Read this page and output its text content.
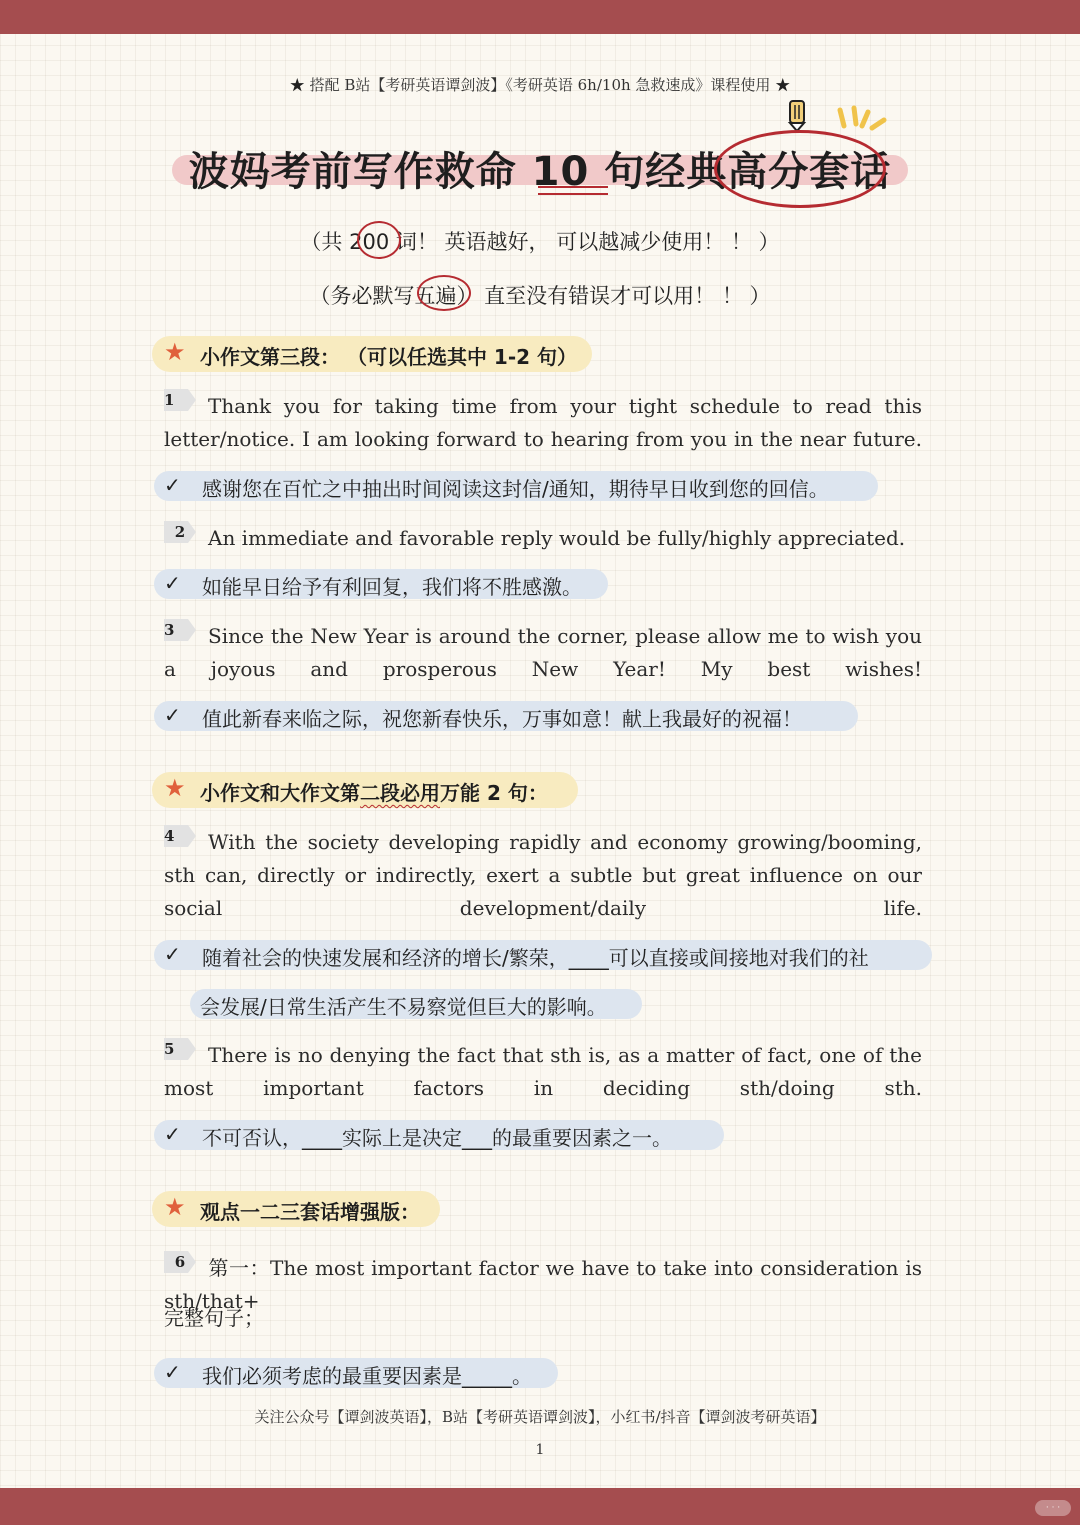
★ 搭配 B站【考研英语谭剑波】《考研英语 6h/10h 急救速成》课程使用 ★
波妈考前写作救命 10 句经典高分套话
（共 200 词！ 英语越好， 可以越减少使用！ ！ ）
（务必默写五遍） 直至没有错误才可以用！ ！ ）
★ 小作文第三段： （可以任选其中 1-2 句）
1	Thank you for taking time from your tight schedule to read this letter/notice. I am looking forward to hearing from you in the near future.
✓ 感谢您在百忙之中抽出时间阅读这封信/通知，期待早日收到您的回信。
2	An immediate and favorable reply would be fully/highly appreciated.
✓ 如能早日给予有利回复，我们将不胜感激。
3	Since the New Year is around the corner, please allow me to wish you a joyous and prosperous New Year! My best wishes!
✓ 值此新春来临之际，祝您新春快乐，万事如意！献上我最好的祝福！
★ 小作文和大作文第二段必用万能 2 句：
4	With the society developing rapidly and economy growing/booming, sth can, directly or indirectly, exert a subtle but great influence on our social development/daily life.
✓ 随着社会的快速发展和经济的增长/繁荣，____可以直接或间接地对我们的社
会发展/日常生活产生不易察觉但巨大的影响。
5	There is no denying the fact that sth is, as a matter of fact, one of the most important factors in deciding sth/doing sth.
✓ 不可否认，____实际上是决定___的最重要因素之一。
★ 观点一二三套话增强版：
6	第一：The most important factor we have to take into consideration is sth/that+
完整句子；
✓ 我们必须考虑的最重要因素是_____。
关注公众号【谭剑波英语】，B站【考研英语谭剑波】，小红书/抖音【谭剑波考研英语】
1
· · ·
